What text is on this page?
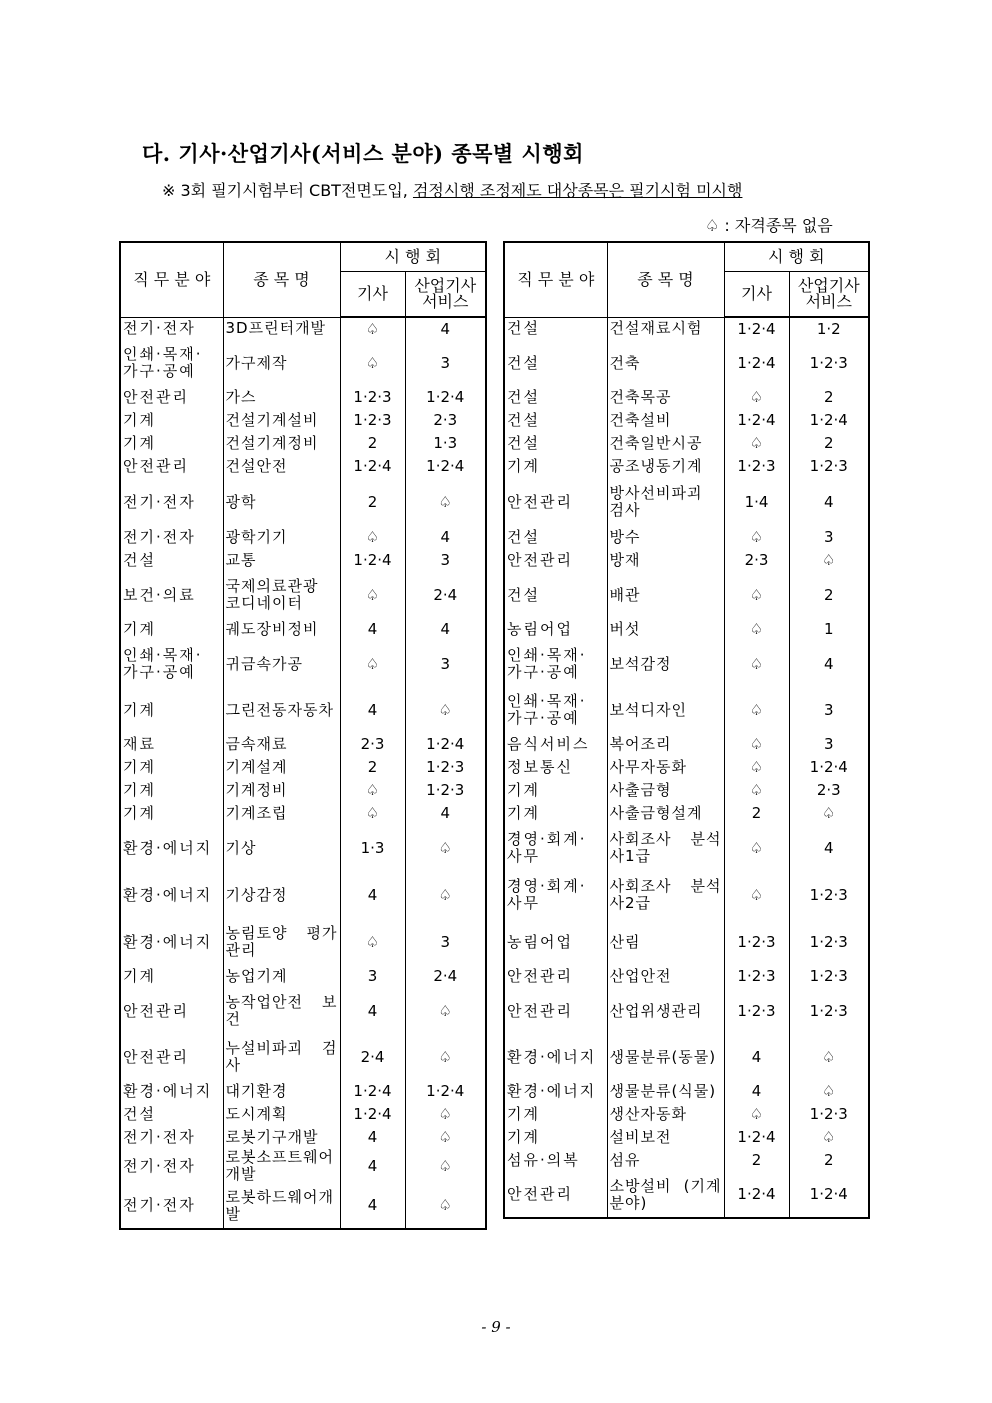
다. 기사·산업기사(서비스 분야) 종목별 시행회
※ 3회 필기시험부터 CBT전면도입, 검정시행 조정제도 대상종목은 필기시험 미시행
♤ : 자격종목 없음
직 무 분 야	종 목 명	시 행 회	
		기사	산업기사 서비스
전기·전자	3D프린터개발	♤	4
인쇄·목재· 가구·공예	가구제작	♤	3
안전관리	가스	1·2·3	1·2·4
기계	건설기계설비	1·2·3	2·3
기계	건설기계정비	2	1·3
안전관리	건설안전	1·2·4	1·2·4
전기·전자	광학	2	♤
전기·전자	광학기기	♤	4
건설	교통	1·2·4	3
보건·의료	국제의료관광 코디네이터	♤	2·4
기계	궤도장비정비	4	4
인쇄·목재· 가구·공예	귀금속가공	♤	3
기계	그린전동자동차	4	♤
재료	금속재료	2·3	1·2·4
기계	기계설계	2	1·2·3
기계	기계정비	♤	1·2·3
기계	기계조립	♤	4
환경·에너지	기상	1·3	♤
환경·에너지	기상감정	4	♤
환경·에너지	농림토양 평가관리	♤	3
기계	농업기계	3	2·4
안전관리	농작업안전 보건	4	♤
안전관리	누설비파괴 검사	2·4	♤
환경·에너지	대기환경	1·2·4	1·2·4
건설	도시계획	1·2·4	♤
전기·전자	로봇기구개발	4	♤
전기·전자	로봇소프트웨어개발	4	♤
전기·전자	로봇하드웨어개발	4	♤
직 무 분 야	종 목 명	시 행 회	
		기사	산업기사 서비스
건설	건설재료시험	1·2·4	1·2
건설	건축	1·2·4	1·2·3
건설	건축목공	♤	2
건설	건축설비	1·2·4	1·2·4
건설	건축일반시공	♤	2
기계	공조냉동기계	1·2·3	1·2·3
안전관리	방사선비파괴 검사	1·4	4
건설	방수	♤	3
안전관리	방재	2·3	♤
건설	배관	♤	2
농림어업	버섯	♤	1
인쇄·목재· 가구·공예	보석감정	♤	4
인쇄·목재· 가구·공예	보석디자인	♤	3
음식서비스	복어조리	♤	3
정보통신	사무자동화	♤	1·2·4
기계	사출금형	♤	2·3
기계	사출금형설계	2	♤
경영·회계· 사무	사회조사 분석사1급	♤	4
경영·회계· 사무	사회조사 분석사2급	♤	1·2·3
농림어업	산림	1·2·3	1·2·3
안전관리	산업안전	1·2·3	1·2·3
안전관리	산업위생관리	1·2·3	1·2·3
환경·에너지	생물분류(동물)	4	♤
환경·에너지	생물분류(식물)	4	♤
기계	생산자동화	♤	1·2·3
기계	설비보전	1·2·4	♤
섬유·의복	섬유	2	2
안전관리	소방설비 (기계분야)	1·2·4	1·2·4
- 9 -
